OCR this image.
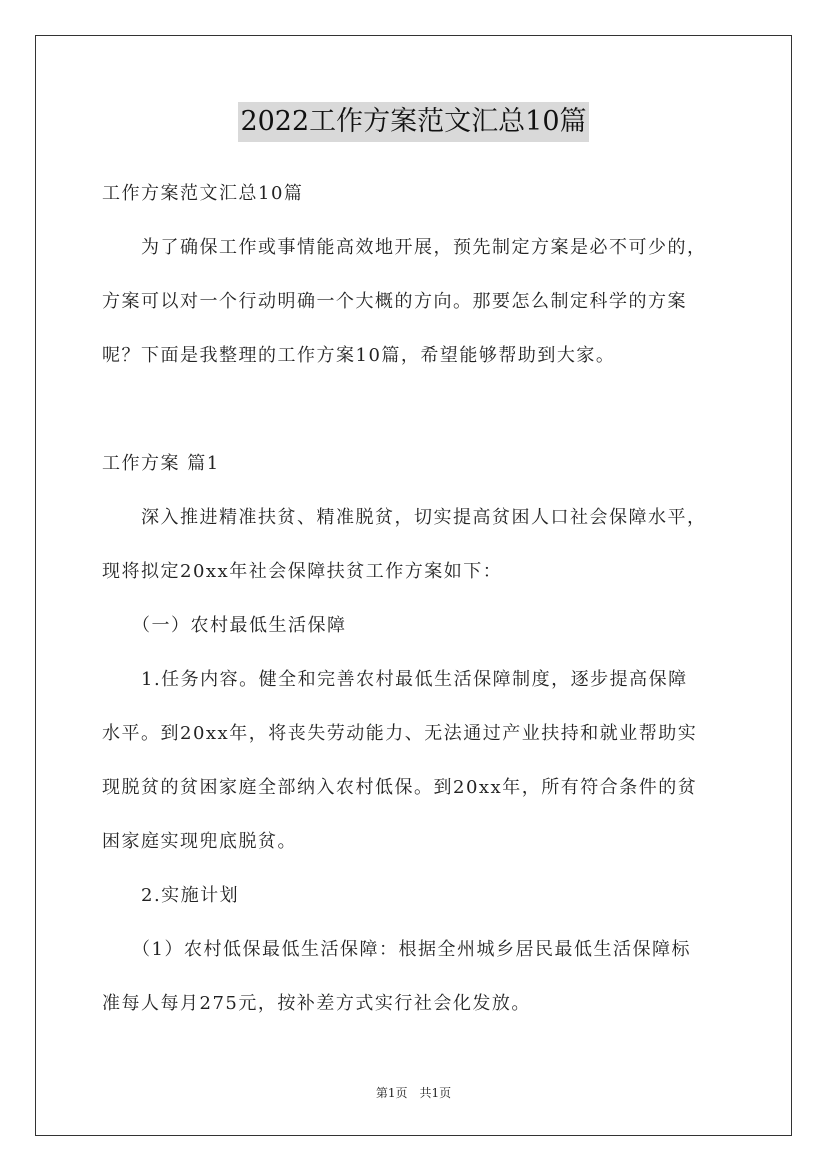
2022工作方案范文汇总10篇
工作方案范文汇总10篇
　　为了确保工作或事情能高效地开展，预先制定方案是必不可少的，
方案可以对一个行动明确一个大概的方向。那要怎么制定科学的方案
呢？下面是我整理的工作方案10篇，希望能够帮助到大家。
工作方案 篇1
　　深入推进精准扶贫、精准脱贫，切实提高贫困人口社会保障水平，
现将拟定20xx年社会保障扶贫工作方案如下：
　　（一）农村最低生活保障
　　1.任务内容。健全和完善农村最低生活保障制度，逐步提高保障
水平。到20xx年，将丧失劳动能力、无法通过产业扶持和就业帮助实
现脱贫的贫困家庭全部纳入农村低保。到20xx年，所有符合条件的贫
困家庭实现兜底脱贫。
　　2.实施计划
　　（1）农村低保最低生活保障：根据全州城乡居民最低生活保障标
准每人每月275元，按补差方式实行社会化发放。
第1页　共1页
